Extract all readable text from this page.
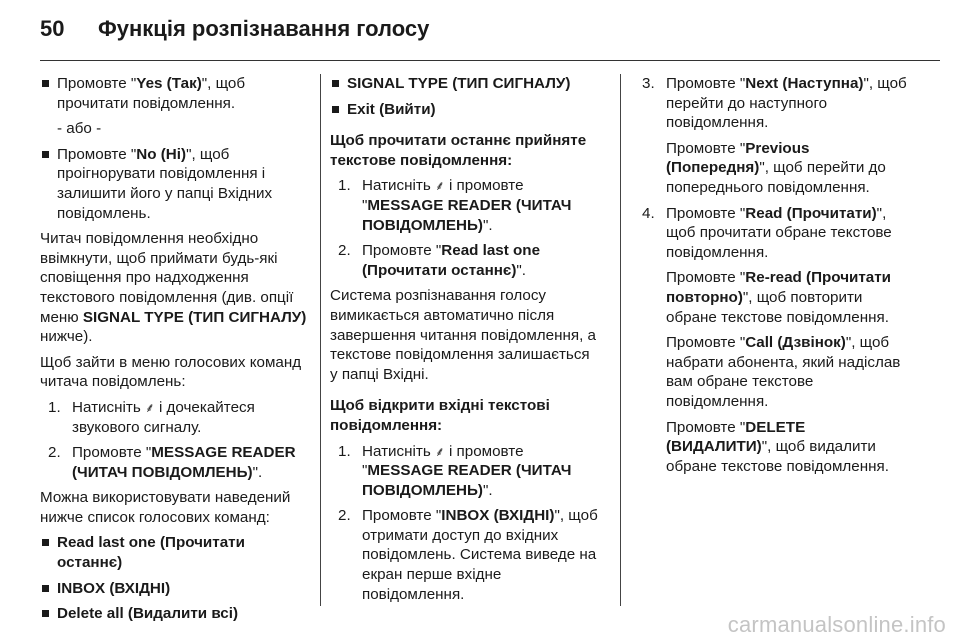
50	Функція розпізнавання голосу
Промовте "Yes (Так)", щоб прочитати повідомлення.

- або -

Промовте "No (Ні)", щоб проігнорувати повідомлення і залишити його у папці Вхідних повідомлень.

Читач повідомлення необхідно ввімкнути, щоб приймати будь-які сповіщення про надходження текстового повідомлення (див. опції меню SIGNAL TYPE (ТИП СИГНАЛУ) нижче).

Щоб зайти в меню голосових команд читача повідомлень:

1. Натисніть ⸙ і дочекайтеся звукового сигналу.
2. Промовте "MESSAGE READER (ЧИТАЧ ПОВІДОМЛЕНЬ)".

Можна використовувати наведений нижче список голосових команд:

Read last one (Прочитати останнє)
INBOX (ВХІДНІ)
Delete all (Видалити всі)
SIGNAL TYPE (ТИП СИГНАЛУ)
Exit (Вийти)

Щоб прочитати останнє прийняте текстове повідомлення:

1. Натисніть ⸙ і промовте "MESSAGE READER (ЧИТАЧ ПОВІДОМЛЕНЬ)".
2. Промовте "Read last one (Прочитати останнє)".

Система розпізнавання голосу вимикається автоматично після завершення читання повідомлення, а текстове повідомлення залишається у папці Вхідні.

Щоб відкрити вхідні текстові повідомлення:

1. Натисніть ⸙ і промовте "MESSAGE READER (ЧИТАЧ ПОВІДОМЛЕНЬ)".
2. Промовте "INBOX (ВХІДНІ)", щоб отримати доступ до вхідних повідомлень. Система виведе на екран перше вхідне повідомлення.
3. Промовте "Next (Наступна)", щоб перейти до наступного повідомлення.

Промовте "Previous (Попередня)", щоб перейти до попереднього повідомлення.

4. Промовте "Read (Прочитати)", щоб прочитати обране текстове повідомлення.

Промовте "Re-read (Прочитати повторно)", щоб повторити обране текстове повідомлення.

Промовте "Call (Дзвінок)", щоб набрати абонента, який надіслав вам обране текстове повідомлення.

Промовте "DELETE (ВИДАЛИТИ)", щоб видалити обране текстове повідомлення.

carmanualsonline.info
